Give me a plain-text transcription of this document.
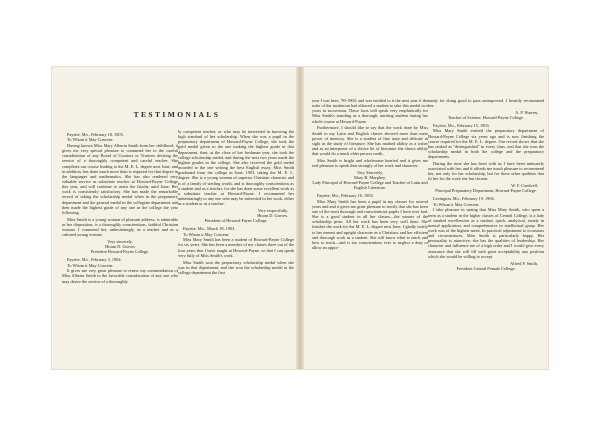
TESTIMONIALS

Fayette, Mo., February 18, 1903.

To Whom it May Concern:

Having known Miss Mary Alberta Smith from her childhood, it gives me very special pleasure to commend her to the careful consideration of any Board of Curators or Trustees desiring the service of a thoroughly competent and careful teacher. She completes our course leading to the M. E. L. degree next June, and in addition, has done much more than is required for that degree in the languages and mathematics. She has also rendered very valuable service as substitute teacher at Howard-Payne College this year, and will continue to assist the faculty until June. Her work is consistently satisfactory. She has made the remarkable record of taking the scholarship medal when in the preparatory department and the general medal in the collegiate department and then made the highest grade of any one in the college the year following.

Miss Smith is a young woman of pleasant address, is admirable in her disposition, is a thoroughly conscientious, faithful Christian woman. I commend her, unhesitatingly, as a teacher and as a cultured young woman.

Very sincerely,

Hiram D. Groves

President Howard-Payne College.

Fayette, Mo., February 3, 1904.

To Whom it May Concern:

It gives me very great pleasure to renew my commendation of Miss Alberta Smith to the favorable consideration of any one who may desire the service of a thoroughly

ly competent teacher, or who may be interested in knowing the high standard of her scholarship. When she was a pupil in the preparatory department of Howard-Payne College, she took the gold medal given to the one making the highest grade in that department, then, at the close of her freshman year, she took the college scholarship medal, and during the next two years made the highest grades in the college. She also received the gold medal awarded to the one writing the best English essay. Miss Smith graduated from the college in June, 1903, taking the M. E. L. degree. She is a young woman of superior Christian character and is of a family of sterling worth, and is thoroughly conscientious as a student and as a teacher, for she has done some excellent work as a substitute teacher at Howard-Payne. I recommend her unhesitatingly to any one who may be interested in her work, either as a student or as a teacher.

Very respectfully,

Hiram D. Groves.

President of Howard-Payne College.

Fayette, Mo., March 18, 1903.

To Whom it May Concern:

Miss Mary Smith has been a student of Howard-Payne College for six years. She has been a member of my classes three out of the four years that I have taught at Howard-Payne, so that I can speak very fully of Miss Smith's work.

Miss Smith won the preparatory scholarship medal when she was in that department, and she won the scholarship medal in the college department the first

year I was here, '99-1900; and was entitled to it the next year if the rules of the institution had allowed a student to take this medal two years in succession. These facts will speak very emphatically for Miss Smith's standing as a thorough, untiring student during her whole course at Howard-Payne.

Furthermore, I should like to say that the work done by Miss Smith in my Latin and English classes showed more than mere power of memory. She is a student of fine taste and delicate in sight in the study of literature. She has marked ability as a writer and as an interpreter of a choice bit of literature she shows ability that would do a much older person credit.

Miss Smith is bright and wholesome hearted and it gives me real pleasure to speak thus strongly of her work and character.

Very Sincerely,

Mary B. Murphey,

Lady Principal of Howard-Payne College and Teacher of Latin and English Literature.

Fayette, Mo., February 16, 1903.

Miss Mary Smith has been a pupil in my classes for several years and and it gives me great pleasure to testify that she has been one of the most thorough and conscientious pupils I have ever had. She is a good student in all her classes—the winner of the scholarship prize. All her work has been very well done. She finishes the work for the M. E. L. degree next June. I gladly testify to her earnest and upright character as a Christian, and her efficient and thorough work as a student. She will know what to teach and how to teach—and is too conscientious ever to neglect a duty or allow an oppor-

tunity for doing good to pass unimproved. I heartily recommend her.

A. P. Warren,

Teacher of Science, Howard-Payne College.

Fayette, Mo., February 15, 1903.

Miss Mary Smith entered the preparatory department of Howard-Payne College six years ago and is now finishing the course required for the M. E. L. degree. Our record shows that she has ranked as "distinguished" in every class, and that she won the scholarship medal in both the college and the preparatory departments.

During the time she has been with us I have been intimately associated with her, and it affords me much pleasure to recommend her, not only for her scholarship, but for those other qualities that fit her for the work she has chosen.

W. F. Cardwell,

Principal Preparatory Department, Howard-Payne College.

Lexington, Mo., February 19, 1904.

To Whom it May Concern:

I take pleasure in stating that Miss Mary Smith, who spent a term as a student in the higher classes of Central College, is a lady of marked excellencies as a student, quick, analytical, steady in mental application, and comprehensive in intellectual grasp. Her work was of the highest merit. In practical adjustment to occasions and circumstances, Miss Smith is particularly happy. Her personality is attractive; she has the qualities of leadership. Her character and influence are of a high order and I would give every assurance that she will fill with great acceptability any position which she would be willing to accept.

Alfred F. Smith,

President Central Female College.
